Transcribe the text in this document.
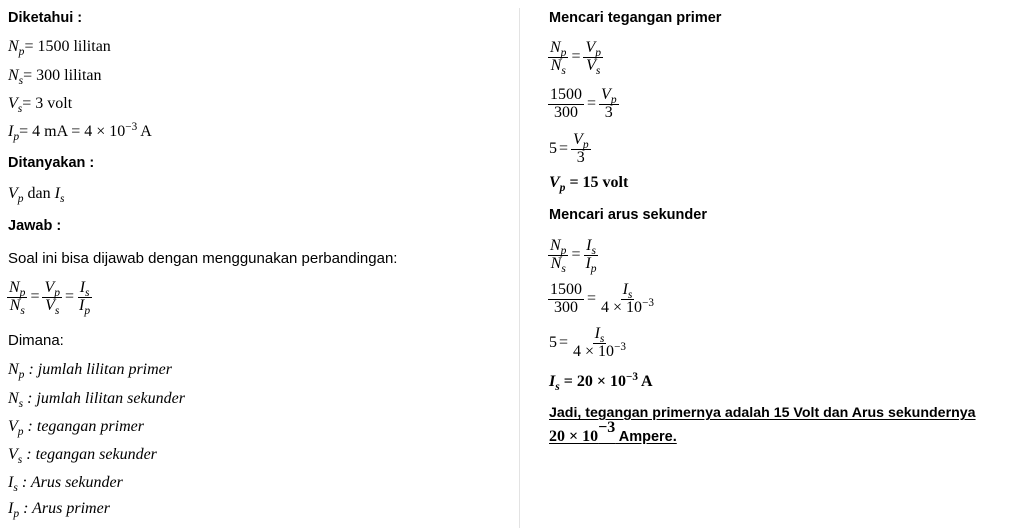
Diketahui :
$N_p= 1500$ lilitan
$N_s= 300$ lilitan
$V_s= 3$ volt
$I_p= 4$ mA = $4 \times 10^{-3}$ A
Ditanyakan :
$V_p$ dan $I_s$
Jawab :
Soal ini bisa dijawab dengan menggunakan perbandingan:
$\frac{N_p}{N_s} = \frac{V_p}{V_s} = \frac{I_s}{I_p}$
Dimana:
$N_p$ : jumlah lilitan primer
$N_s$ : jumlah lilitan sekunder
$V_p$ : tegangan primer
$V_s$ : tegangan sekunder
$I_s$ : Arus sekunder
$I_p$ : Arus primer
Mencari tegangan primer
$\frac{N_p}{N_s} = \frac{V_p}{V_s}$
$\frac{1500}{300} = \frac{V_p}{3}$
$5 = \frac{V_p}{3}$
$V_p = 15$ volt
Mencari arus sekunder
$\frac{N_p}{N_s} = \frac{I_s}{I_p}$
$\frac{1500}{300} = \frac{I_s}{4 \times 10^{-3}}$
$5 = \frac{I_s}{4 \times 10^{-3}}$
$I_s = 20 \times 10^{-3}$ A
Jadi, tegangan primernya adalah 15 Volt dan Arus sekundernya
$20 \times 10^{-3}$ Ampere.
